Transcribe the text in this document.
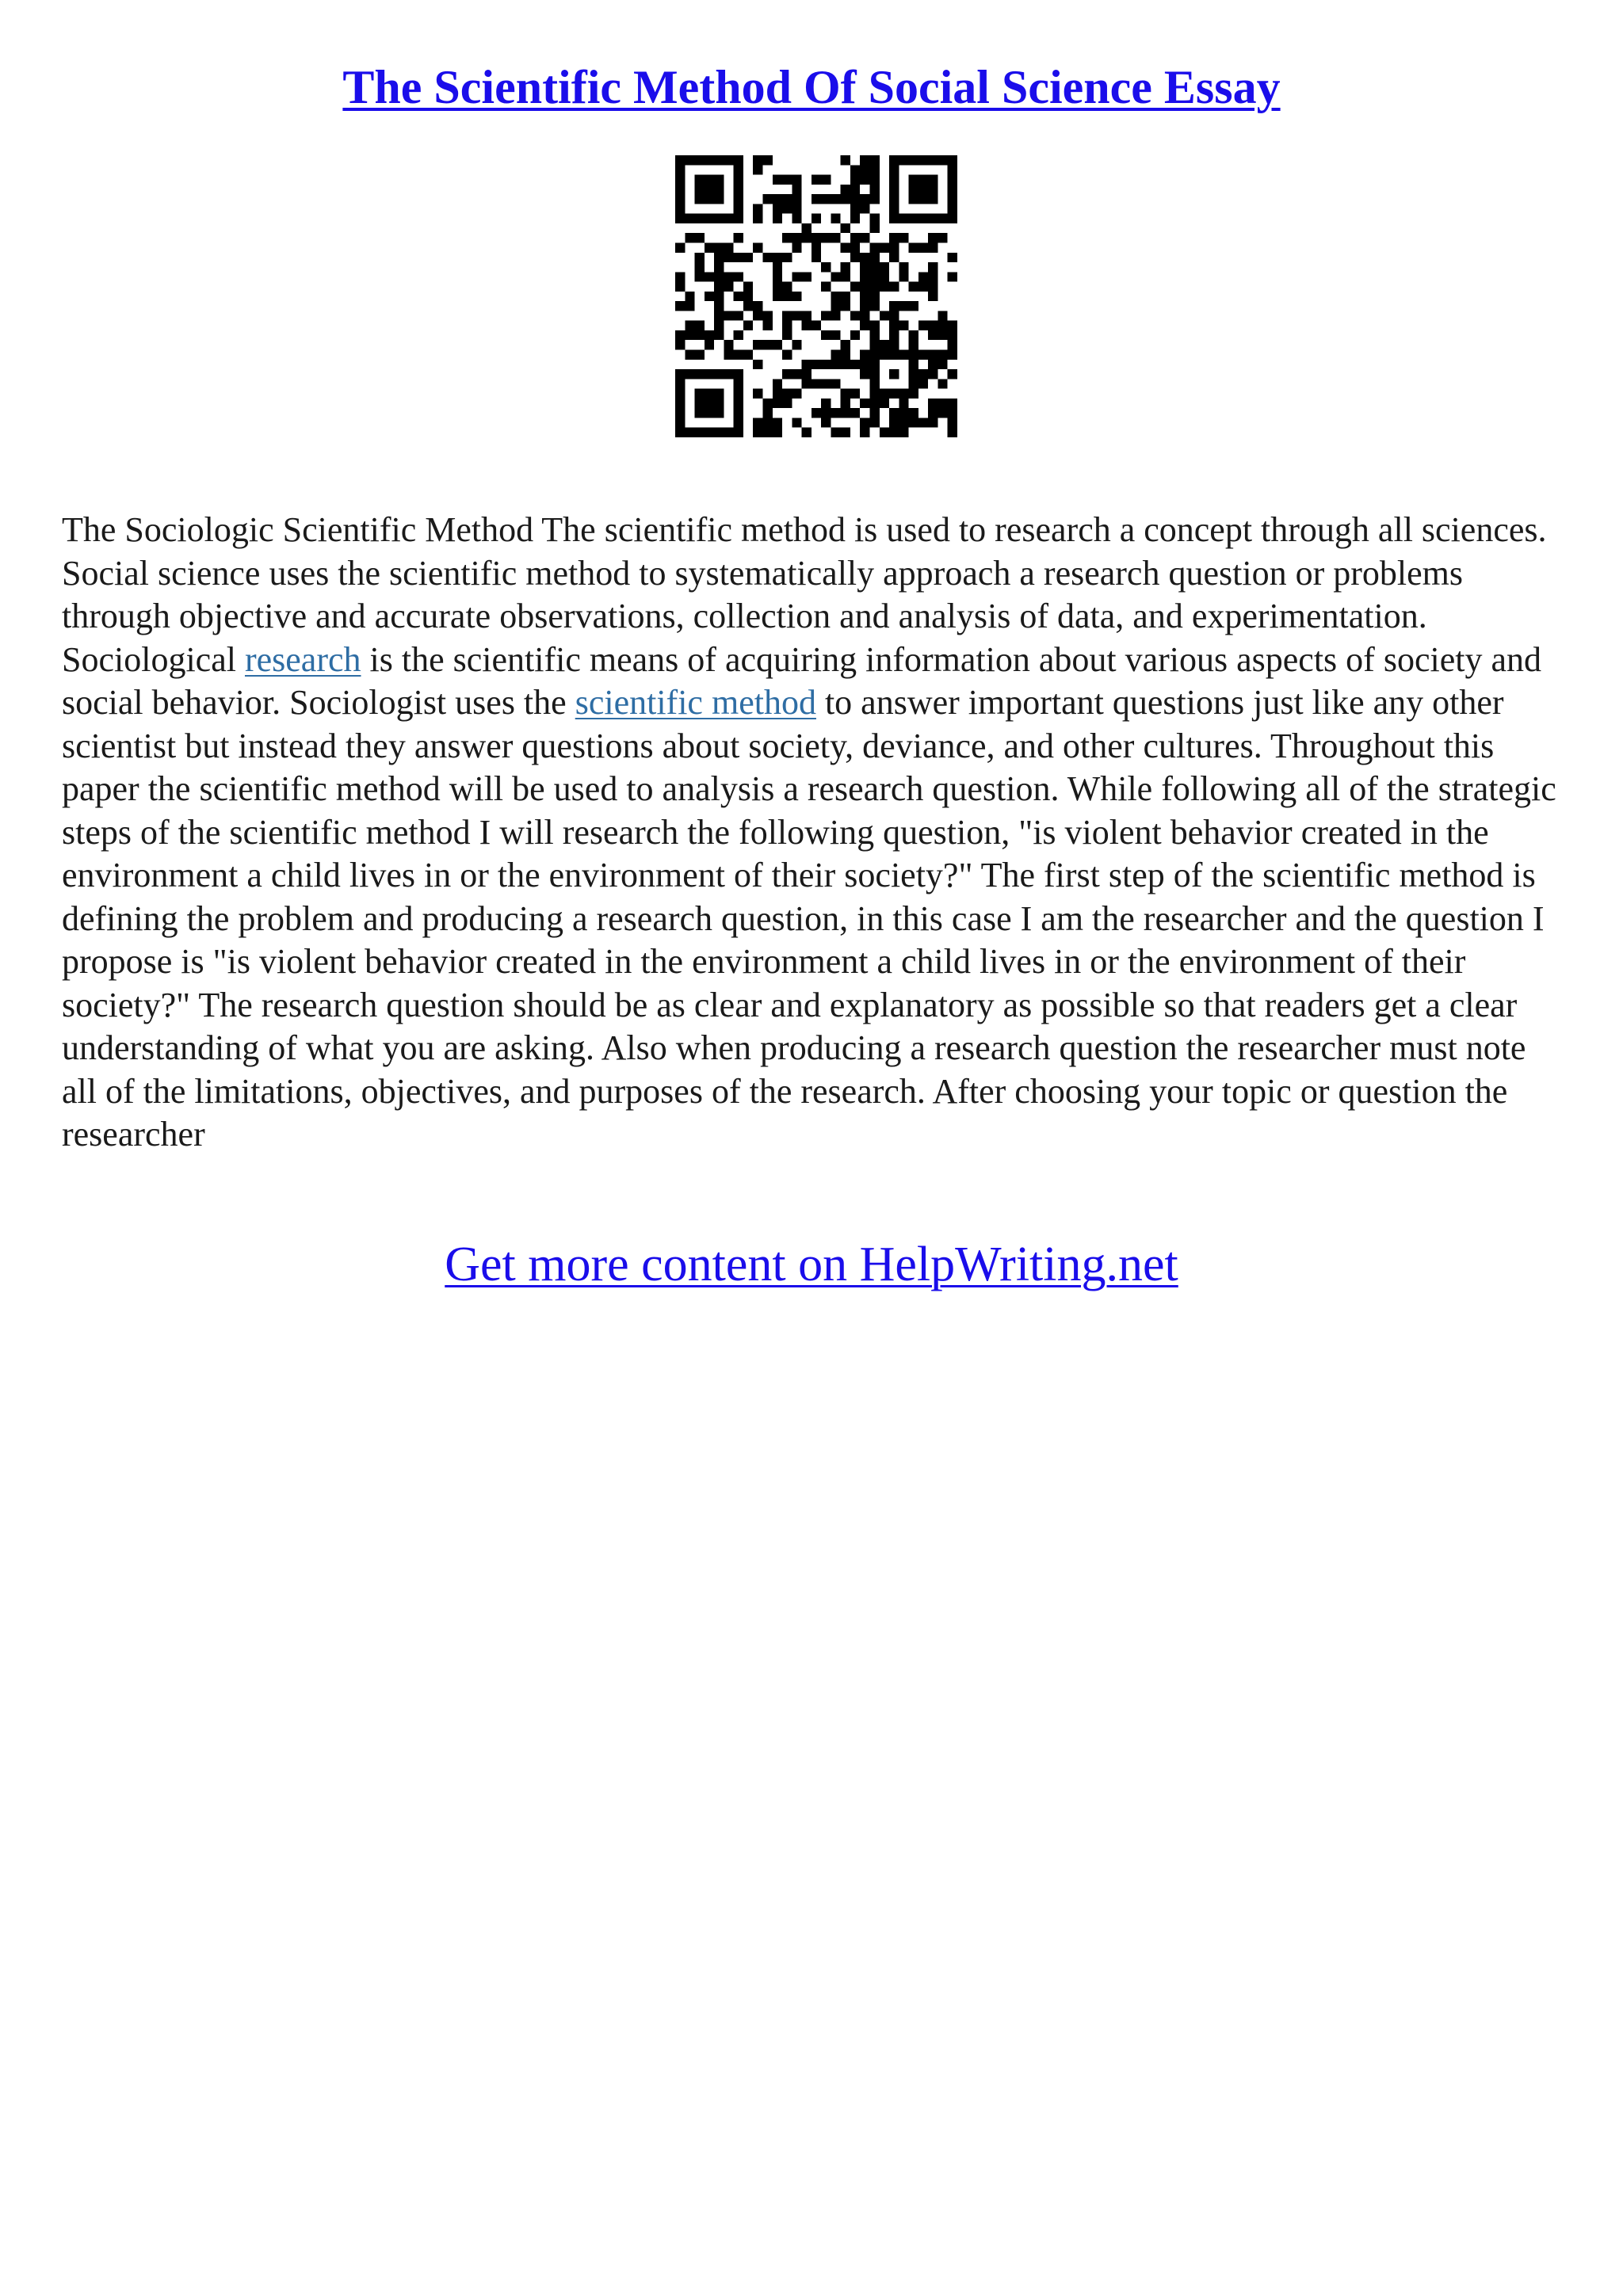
The Scientific Method Of Social Science Essay

The Sociologic Scientific Method The scientific method is used to research a concept through all sciences. Social science uses the scientific method to systematically approach a research question or problems through objective and accurate observations, collection and analysis of data, and experimentation. Sociological research is the scientific means of acquiring information about various aspects of society and social behavior. Sociologist uses the scientific method to answer important questions just like any other scientist but instead they answer questions about society, deviance, and other cultures. Throughout this paper the scientific method will be used to analysis a research question. While following all of the strategic steps of the scientific method I will research the following question, "is violent behavior created in the environment a child lives in or the environment of their society?" The first step of the scientific method is defining the problem and producing a research question, in this case I am the researcher and the question I propose is "is violent behavior created in the environment a child lives in or the environment of their society?" The research question should be as clear and explanatory as possible so that readers get a clear understanding of what you are asking. Also when producing a research question the researcher must note all of the limitations, objectives, and purposes of the research. After choosing your topic or question the researcher

Get more content on HelpWriting.net
